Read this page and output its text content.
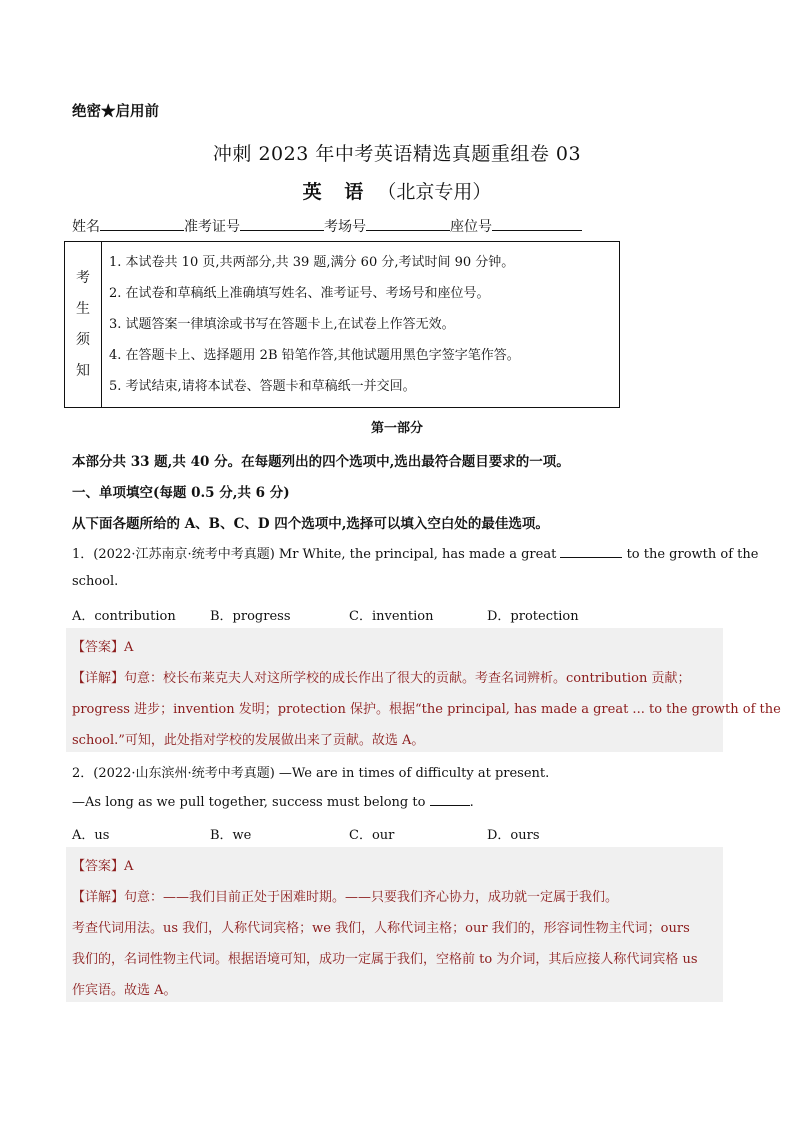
绝密★启用前
冲刺 2023 年中考英语精选真题重组卷 03
英 语 （北京专用）
姓名	准考证号	考场号	座位号
考
生
须
知
1. 本试卷共 10 页,共两部分,共 39 题,满分 60 分,考试时间 90 分钟。
2. 在试卷和草稿纸上准确填写姓名、准考证号、考场号和座位号。
3. 试题答案一律填涂或书写在答题卡上,在试卷上作答无效。
4. 在答题卡上、选择题用 2B 铅笔作答,其他试题用黑色字签字笔作答。
5. 考试结束,请将本试卷、答题卡和草稿纸一并交回。
第一部分
本部分共 33 题,共 40 分。在每题列出的四个选项中,选出最符合题目要求的一项。
一、单项填空(每题 0.5 分,共 6 分)
从下面各题所给的 A、B、C、D 四个选项中,选择可以填入空白处的最佳选项。
1．(2022·江苏南京·统考中考真题) Mr White, the principal, has made a great	to the growth of the
school.
A．contribution	B．progress	C．invention	D．protection
【答案】A
【详解】句意：校长布莱克夫人对这所学校的成长作出了很大的贡献。考查名词辨析。contribution 贡献；
progress 进步；invention 发明；protection 保护。根据“the principal, has made a great ... to the growth of the
school.”可知，此处指对学校的发展做出来了贡献。故选 A。
2．(2022·山东滨州·统考中考真题) —We are in times of difficulty at present.
—As long as we pull together, success must belong to	.
A．us	B．we	C．our	D．ours
【答案】A
【详解】句意：——我们目前正处于困难时期。——只要我们齐心协力，成功就一定属于我们。
考查代词用法。us 我们，人称代词宾格；we 我们，人称代词主格；our 我们的，形容词性物主代词；ours
我们的，名词性物主代词。根据语境可知，成功一定属于我们，空格前 to 为介词，其后应接人称代词宾格 us
作宾语。故选 A。
